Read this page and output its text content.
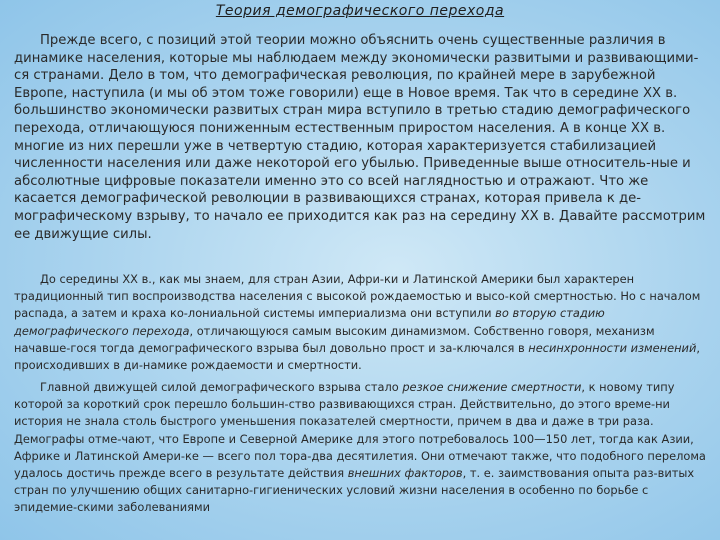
Теория демографического перехода

Прежде всего, с позиций этой теории можно объяснить очень существенные различия в динамике населения, которые мы наблюдаем между экономически развитыми и развивающими-ся странами. Дело в том, что демографическая революция, по крайней мере в зарубежной Европе, наступила (и мы об этом тоже говорили) еще в Новое время. Так что в середине XX в. большинство экономически развитых стран мира вступило в третью стадию демографического перехода, отличающуюся пониженным естественным приростом населения. А в конце XX в. многие из них перешли уже в четвертую стадию, которая характеризуется стабилизацией численности населения или даже некоторой его убылью. Приведенные выше относитель-ные и абсолютные цифровые показатели именно это со всей наглядностью и отражают. Что же касается демографической революции в развивающихся странах, которая привела к де-мографическому взрыву, то начало ее приходится как раз на середину XX в. Давайте рассмотрим ее движущие силы.

До середины XX в., как мы знаем, для стран Азии, Афри-ки и Латинской Америки был характерен традиционный тип воспроизводства населения с высокой рождаемостью и высо-кой смертностью. Но с началом распада, а затем и краха ко-лониальной системы империализма они вступили во вторую стадию демографического перехода, отличающуюся самым высоким динамизмом. Собственно говоря, механизм начавше-гося тогда демографического взрыва был довольно прост и за-ключался в несинхронности изменений, происходивших в ди-намике рождаемости и смертности.

Главной движущей силой демографического взрыва стало резкое снижение смертности, к новому типу которой за короткий срок перешло большин-ство развивающихся стран. Действительно, до этого време-ни история не знала столь быстрого уменьшения показателей смертности, причем в два и даже в три раза. Демографы отме-чают, что Европе и Северной Америке для этого потребовалось 100—150 лет, тогда как Азии, Африке и Латинской Амери-ке — всего пол тора-два десятилетия. Они отмечают также, что подобного перелома удалось достичь прежде всего в результате действия внешних факторов, т. е. заимствования опыта раз-витых стран по улучшению общих санитарно-гигиенических условий жизни населения в особенно по борьбе с эпидемие-скими заболеваниями
